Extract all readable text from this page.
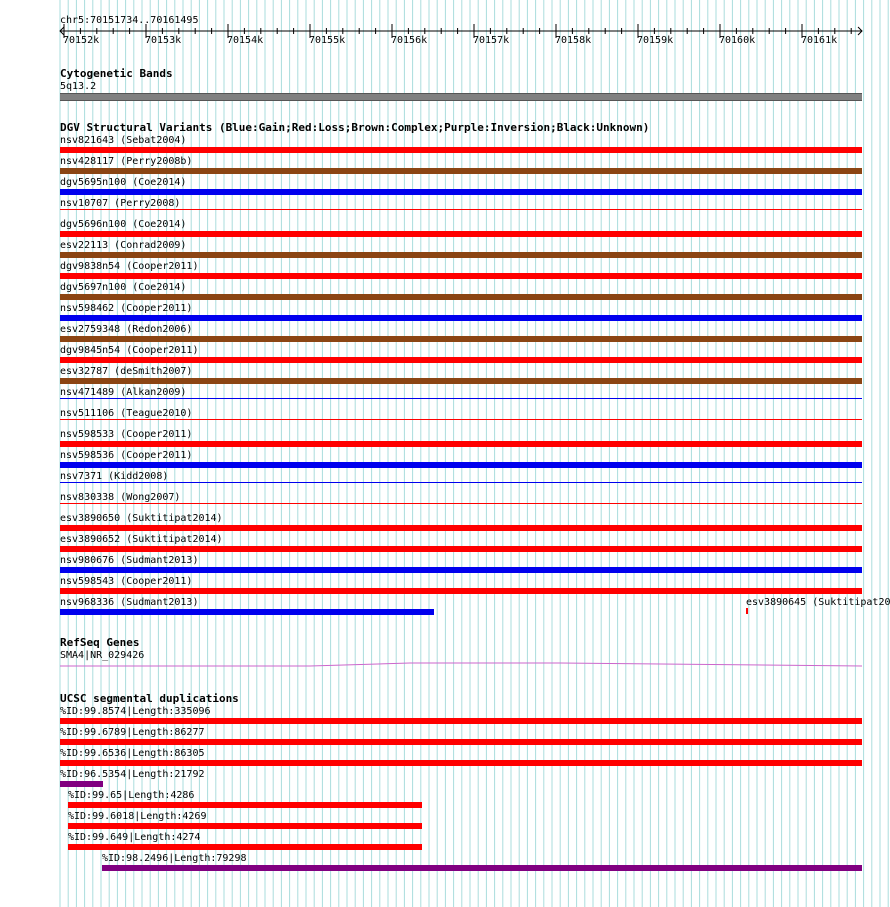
chr5:70151734..70161495
70152k	70153k	70154k	70155k	70156k	70157k	70158k	70159k	70160k	70161k
Cytogenetic Bands
5q13.2
DGV Structural Variants (Blue:Gain;Red:Loss;Brown:Complex;Purple:Inversion;Black:Unknown)
nsv821643 (Sebat2004)
nsv428117 (Perry2008b)
dgv5695n100 (Coe2014)
nsv10707 (Perry2008)
dgv5696n100 (Coe2014)
esv22113 (Conrad2009)
dgv9838n54 (Cooper2011)
dgv5697n100 (Coe2014)
nsv598462 (Cooper2011)
esv2759348 (Redon2006)
dgv9845n54 (Cooper2011)
esv32787 (deSmith2007)
nsv471489 (Alkan2009)
nsv511106 (Teague2010)
nsv598533 (Cooper2011)
nsv598536 (Cooper2011)
nsv7371 (Kidd2008)
nsv830338 (Wong2007)
esv3890650 (Suktitipat2014)
esv3890652 (Suktitipat2014)
nsv980676 (Sudmant2013)
nsv598543 (Cooper2011)
nsv968336 (Sudmant2013)	esv3890645 (Suktitipat20
RefSeq Genes
SMA4|NR_029426
UCSC segmental duplications
%ID:99.8574|Length:335096
%ID:99.6789|Length:86277
%ID:99.6536|Length:86305
%ID:96.5354|Length:21792
%ID:99.65|Length:4286
%ID:99.6018|Length:4269
%ID:99.649|Length:4274
%ID:98.2496|Length:79298
